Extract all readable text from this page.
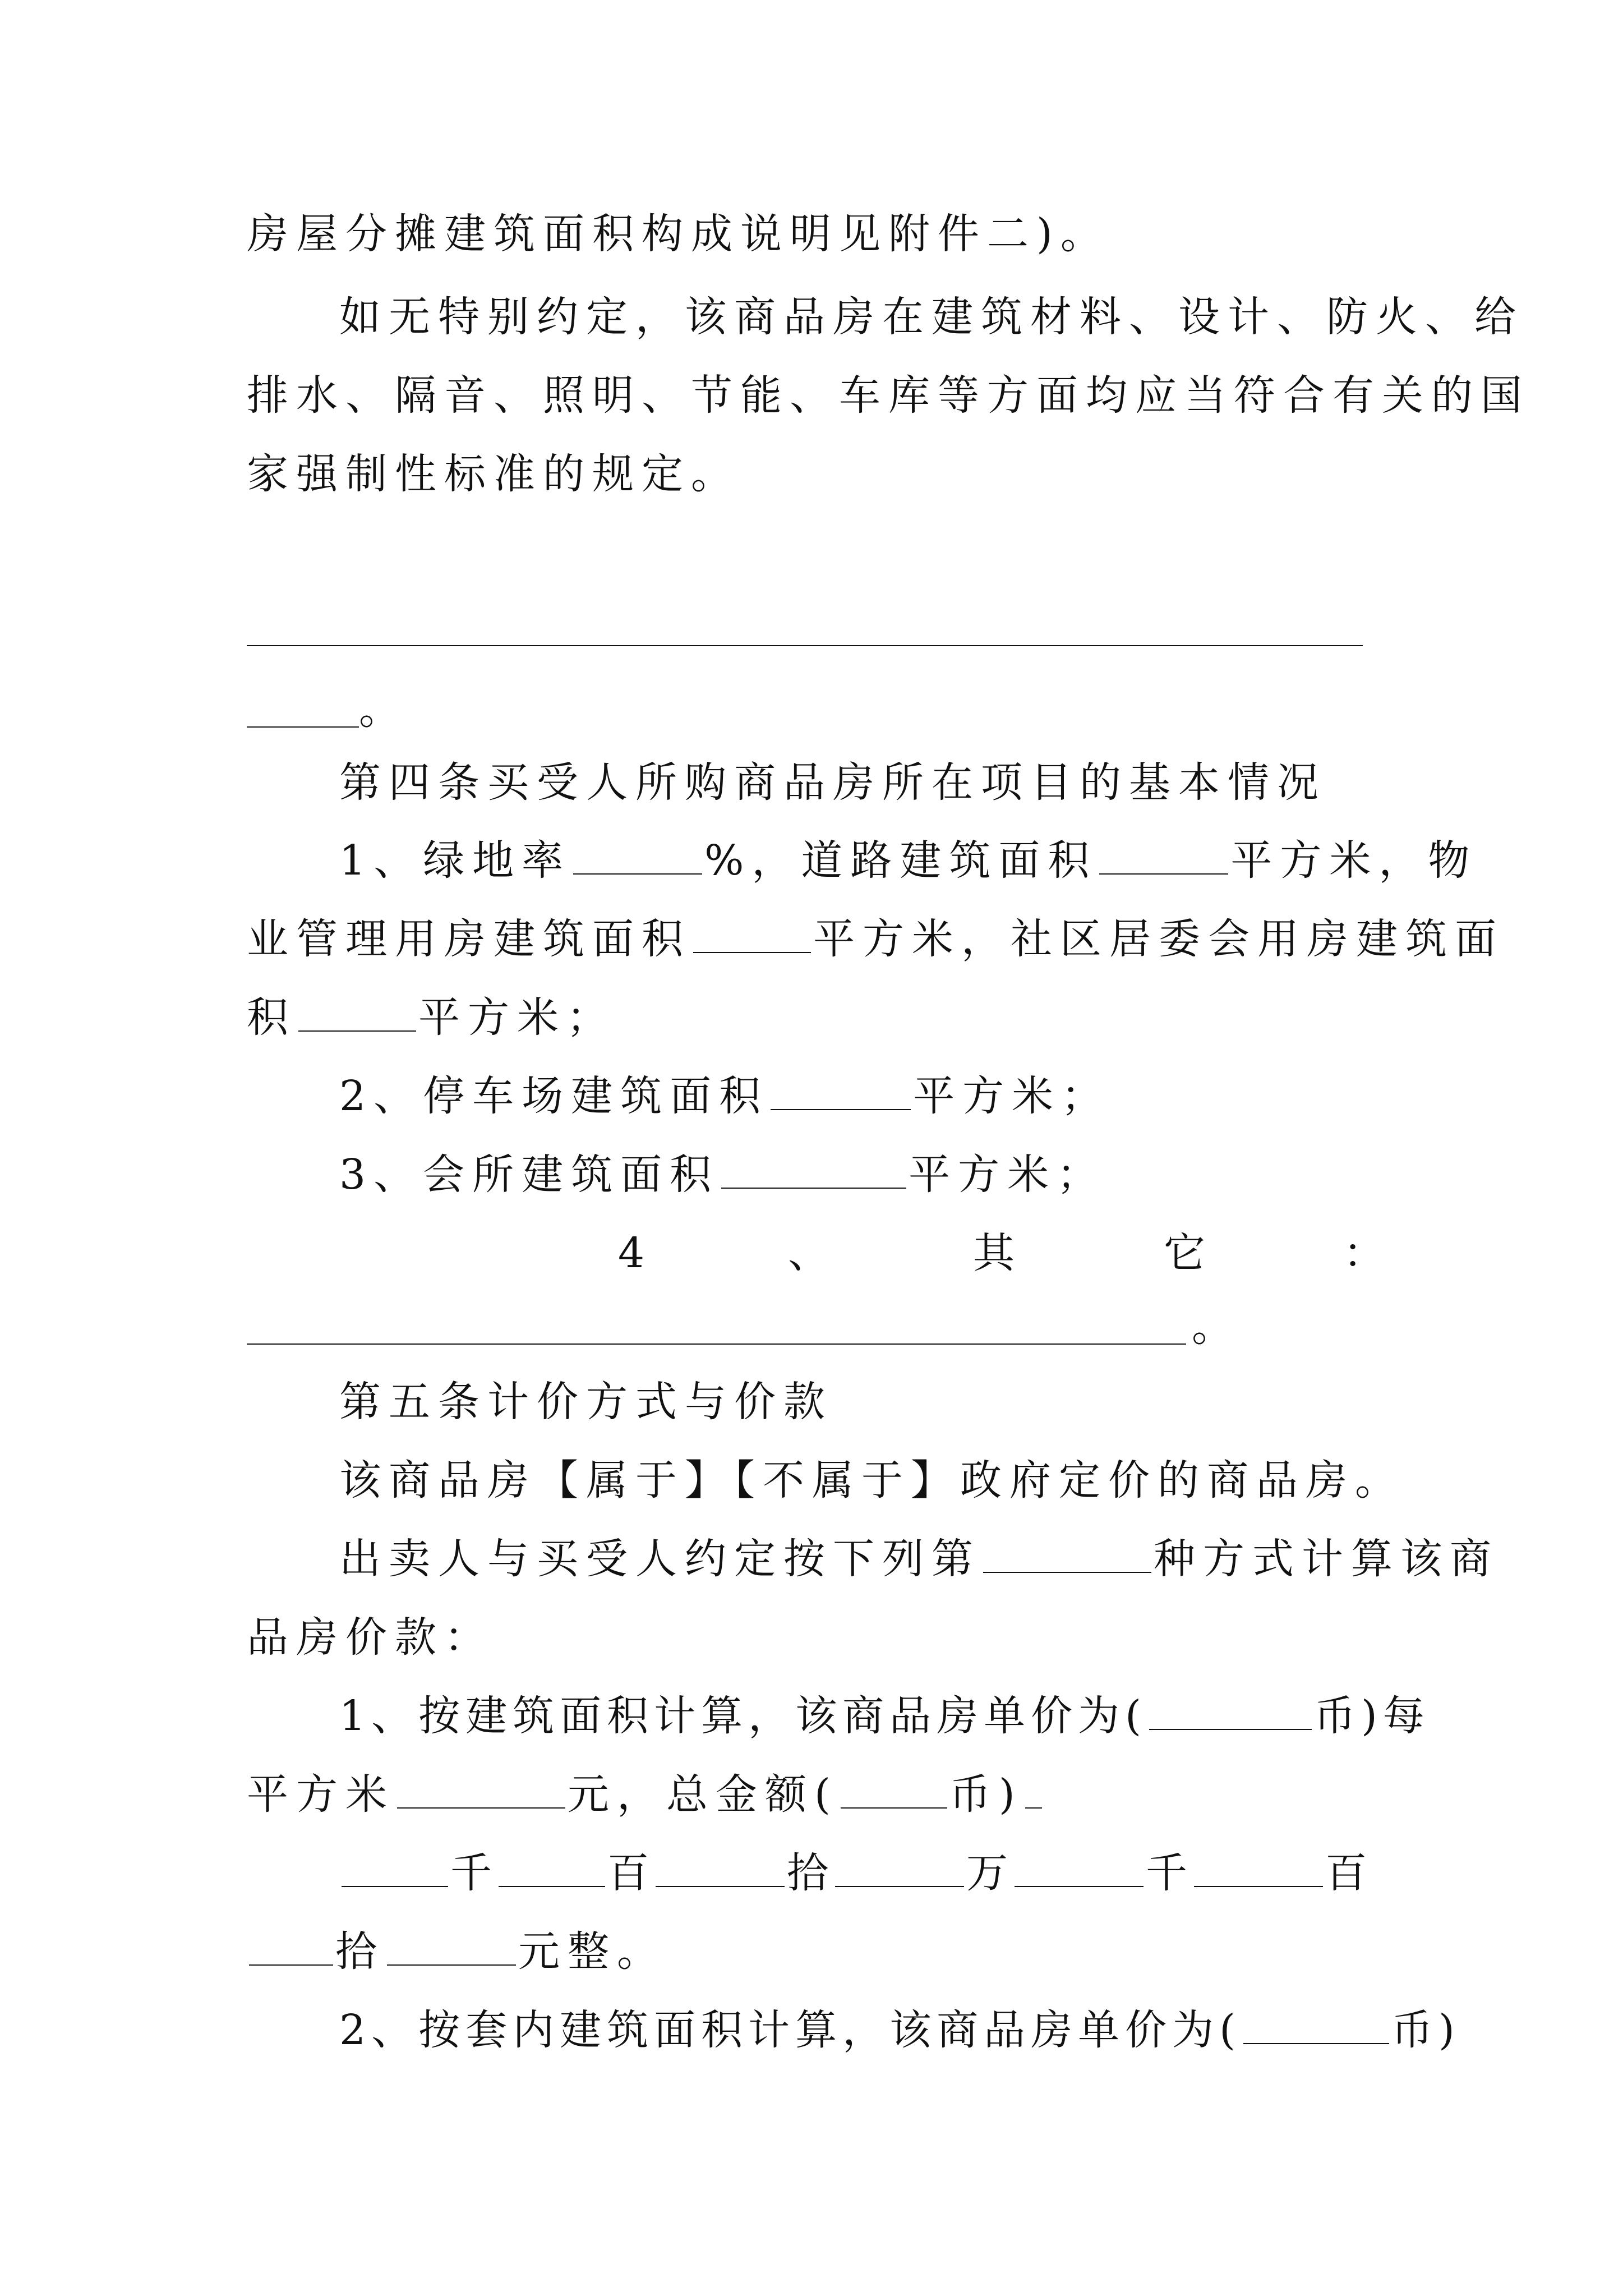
房屋分摊建筑面积构成说明见附件二)。
如无特别约定，该商品房在建筑材料、设计、防火、给
排水、隔音、照明、节能、车库等方面均应当符合有关的国
家强制性标准的规定。
。
第四条买受人所购商品房所在项目的基本情况
1、绿地率	%，道路建筑面积	平方米，物
业管理用房建筑面积	平方米，社区居委会用房建筑面
积	平方米；
2、停车场建筑面积	平方米；
3、会所建筑面积	平方米；
4	、	其	它	：
。
第五条计价方式与价款
该商品房【属于】【不属于】政府定价的商品房。
出卖人与买受人约定按下列第	种方式计算该商
品房价款：
1、按建筑面积计算，该商品房单价为(	币)每
平方米	元，总金额(	币)
千	百	拾	万	千	百
拾	元整。
2、按套内建筑面积计算，该商品房单价为(	币)
